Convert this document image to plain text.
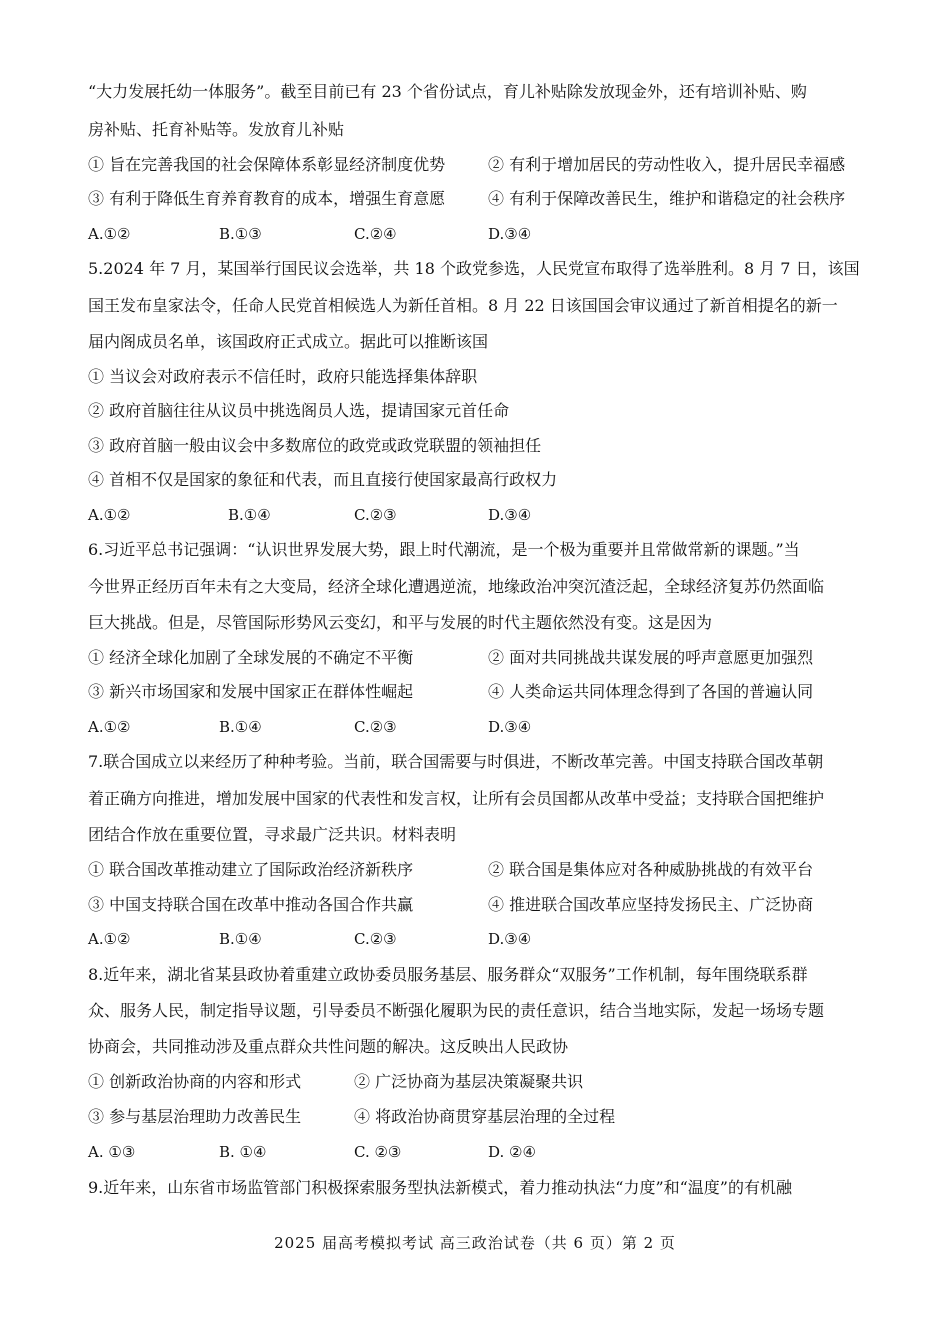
“大力发展托幼一体服务”。截至目前已有 23 个省份试点，育儿补贴除发放现金外，还有培训补贴、购
房补贴、托育补贴等。发放育儿补贴
① 旨在完善我国的社会保障体系彰显经济制度优势	② 有利于增加居民的劳动性收入，提升居民幸福感
③ 有利于降低生育养育教育的成本，增强生育意愿	④ 有利于保障改善民生，维护和谐稳定的社会秩序
A.①②	B.①③	C.②④	D.③④
5.2024 年 7 月，某国举行国民议会选举，共 18 个政党参选，人民党宣布取得了选举胜利。8 月 7 日，该国
国王发布皇家法令，任命人民党首相候选人为新任首相。8 月 22 日该国国会审议通过了新首相提名的新一
届内阁成员名单，该国政府正式成立。据此可以推断该国
① 当议会对政府表示不信任时，政府只能选择集体辞职
② 政府首脑往往从议员中挑选阁员人选，提请国家元首任命
③ 政府首脑一般由议会中多数席位的政党或政党联盟的领袖担任
④ 首相不仅是国家的象征和代表，而且直接行使国家最高行政权力
A.①②	B.①④	C.②③	D.③④
6.习近平总书记强调：“认识世界发展大势，跟上时代潮流，是一个极为重要并且常做常新的课题。”当
今世界正经历百年未有之大变局，经济全球化遭遇逆流，地缘政治冲突沉渣泛起，全球经济复苏仍然面临
巨大挑战。但是，尽管国际形势风云变幻，和平与发展的时代主题依然没有变。这是因为
① 经济全球化加剧了全球发展的不确定不平衡	② 面对共同挑战共谋发展的呼声意愿更加强烈
③ 新兴市场国家和发展中国家正在群体性崛起	④ 人类命运共同体理念得到了各国的普遍认同
A.①②	B.①④	C.②③	D.③④
7.联合国成立以来经历了种种考验。当前，联合国需要与时俱进，不断改革完善。中国支持联合国改革朝
着正确方向推进，增加发展中国家的代表性和发言权，让所有会员国都从改革中受益；支持联合国把维护
团结合作放在重要位置，寻求最广泛共识。材料表明
① 联合国改革推动建立了国际政治经济新秩序	② 联合国是集体应对各种威胁挑战的有效平台
③ 中国支持联合国在改革中推动各国合作共赢	④ 推进联合国改革应坚持发扬民主、广泛协商
A.①②	B.①④	C.②③	D.③④
8.近年来，湖北省某县政协着重建立政协委员服务基层、服务群众“双服务”工作机制，每年围绕联系群
众、服务人民，制定指导议题，引导委员不断强化履职为民的责任意识，结合当地实际，发起一场场专题
协商会，共同推动涉及重点群众共性问题的解决。这反映出人民政协
① 创新政治协商的内容和形式	② 广泛协商为基层决策凝聚共识
③ 参与基层治理助力改善民生	④ 将政治协商贯穿基层治理的全过程
A. ①③	B. ①④	C. ②③	D. ②④
9.近年来，山东省市场监管部门积极探索服务型执法新模式，着力推动执法“力度”和“温度”的有机融
2025 届高考模拟考试 高三政治试卷（共 6 页）第 2 页
